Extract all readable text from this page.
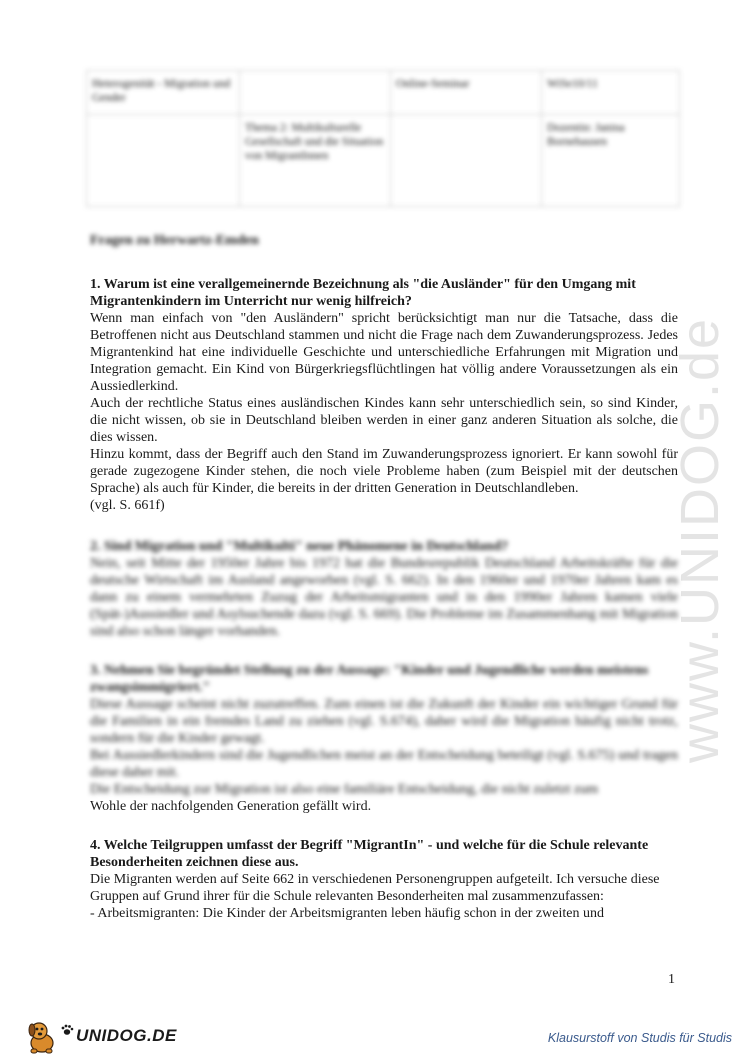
www.UNIDOG.de
Heterogenität - Migration und Gender		Online-Seminar	WiSe10/11
	Thema 2: Multikulturelle Gesellschaft und die Situation von MigrantInnen		Dozentin: Janina Bornehausen

Fragen zu Herwartz-Emden

1. Warum ist eine verallgemeinernde Bezeichnung als "die Ausländer" für den Umgang mit Migrantenkindern im Unterricht nur wenig hilfreich?

Wenn man einfach von "den Ausländern" spricht berücksichtigt man nur die Tatsache, dass die Betroffenen nicht aus Deutschland stammen und nicht die Frage nach dem Zuwanderungsprozess. Jedes Migrantenkind hat eine individuelle Geschichte und unterschiedliche Erfahrungen mit Migration und Integration gemacht. Ein Kind von Bürgerkriegsflüchtlingen hat völlig andere Voraussetzungen als ein Aussiedlerkind.

Auch der rechtliche Status eines ausländischen Kindes kann sehr unterschiedlich sein, so sind Kinder, die nicht wissen, ob sie in Deutschland bleiben werden in einer ganz anderen Situation als solche, die dies wissen.

Hinzu kommt, dass der Begriff auch den Stand im Zuwanderungsprozess ignoriert. Er kann sowohl für gerade zugezogene Kinder stehen, die noch viele Probleme haben (zum Beispiel mit der deutschen Sprache) als auch für Kinder, die bereits in der dritten Generation in Deutschlandleben.

(vgl. S. 661f)

2. Sind Migration und "Multikulti" neue Phänomene in Deutschland?

Nein, seit Mitte der 1950er Jahre bis 1972 hat die Bundesrepublik Deutschland Arbeitskräfte für die deutsche Wirtschaft im Ausland angeworben (vgl. S. 662). In den 1960er und 1970er Jahren kam es dann zu einem vermehrten Zuzug der Arbeitsmigranten und in den 1990er Jahren kamen viele (Spät-)Aussiedler und Asylsuchende dazu (vgl. S. 669). Die Probleme im Zusammenhang mit Migration sind also schon länger vorhanden.

3. Nehmen Sie begründet Stellung zu der Aussage: "Kinder und Jugendliche werden meistens zwangsimmigriert."

Diese Aussage scheint nicht zuzutreffen. Zum einen ist die Zukunft der Kinder ein wichtiger Grund für die Familien in ein fremdes Land zu ziehen (vgl. S.674), daher wird die Migration häufig nicht trotz, sondern für die Kinder gewagt.

Bei Aussiedlerkindern sind die Jugendlichen meist an der Entscheidung beteiligt (vgl. S.675) und tragen diese daher mit.

Die Entscheidung zur Migration ist also eine familiäre Entscheidung, die nicht zuletzt zum

Wohle der nachfolgenden Generation gefällt wird.

4. Welche Teilgruppen umfasst der Begriff "MigrantIn" - und welche für die Schule relevante Besonderheiten zeichnen diese aus.

Die Migranten werden auf Seite 662 in verschiedenen Personengruppen aufgeteilt. Ich versuche diese Gruppen auf Grund ihrer für die Schule relevanten Besonderheiten mal zusammenzufassen:

- Arbeitsmigranten: Die Kinder der Arbeitsmigranten leben häufig schon in der zweiten und

1
UNIDOG.DE	Klausurstoff von Studis für Studis
